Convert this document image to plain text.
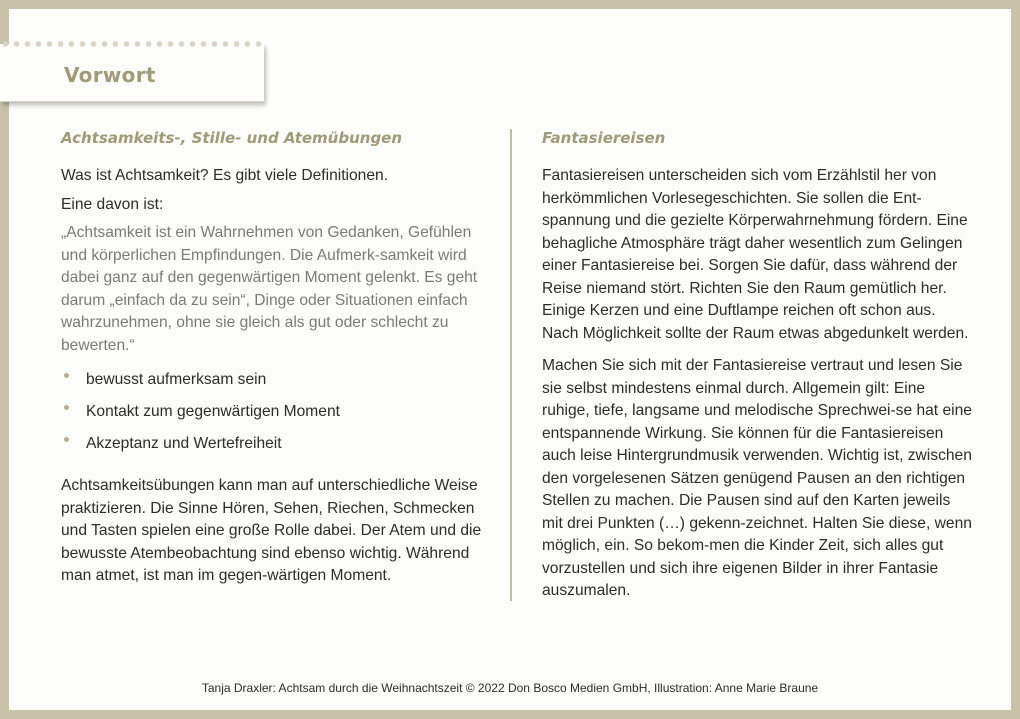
Vorwort
Achtsamkeits-, Stille- und Atemübungen

Was ist Achtsamkeit? Es gibt viele Definitionen.

Eine davon ist:

„Achtsamkeit ist ein Wahrnehmen von Gedanken, Gefühlen und körperlichen Empfindungen. Die Aufmerk-samkeit wird dabei ganz auf den gegenwärtigen Moment gelenkt. Es geht darum „einfach da zu sein“, Dinge oder Situationen einfach wahrzunehmen, ohne sie gleich als gut oder schlecht zu bewerten.“

bewusst aufmerksam sein
Kontakt zum gegenwärtigen Moment
Akzeptanz und Wertefreiheit

Achtsamkeitsübungen kann man auf unterschiedliche Weise praktizieren. Die Sinne Hören, Sehen, Riechen, Schmecken und Tasten spielen eine große Rolle dabei. Der Atem und die bewusste Atembeobachtung sind ebenso wichtig. Während man atmet, ist man im gegen-wärtigen Moment.

Fantasiereisen

Fantasiereisen unterscheiden sich vom Erzählstil her von herkömmlichen Vorlesegeschichten. Sie sollen die Ent-spannung und die gezielte Körperwahrnehmung fördern. Eine behagliche Atmosphäre trägt daher wesentlich zum Gelingen einer Fantasiereise bei. Sorgen Sie dafür, dass während der Reise niemand stört. Richten Sie den Raum gemütlich her. Einige Kerzen und eine Duftlampe reichen oft schon aus. Nach Möglichkeit sollte der Raum etwas abgedunkelt werden.

Machen Sie sich mit der Fantasiereise vertraut und lesen Sie sie selbst mindestens einmal durch. Allgemein gilt: Eine ruhige, tiefe, langsame und melodische Sprechwei-se hat eine entspannende Wirkung. Sie können für die Fantasiereisen auch leise Hintergrundmusik verwenden. Wichtig ist, zwischen den vorgelesenen Sätzen genügend Pausen an den richtigen Stellen zu machen. Die Pausen sind auf den Karten jeweils mit drei Punkten (…) gekenn-zeichnet. Halten Sie diese, wenn möglich, ein. So bekom-men die Kinder Zeit, sich alles gut vorzustellen und sich ihre eigenen Bilder in ihrer Fantasie auszumalen.

Tanja Draxler: Achtsam durch die Weihnachtszeit © 2022 Don Bosco Medien GmbH, Illustration: Anne Marie Braune
